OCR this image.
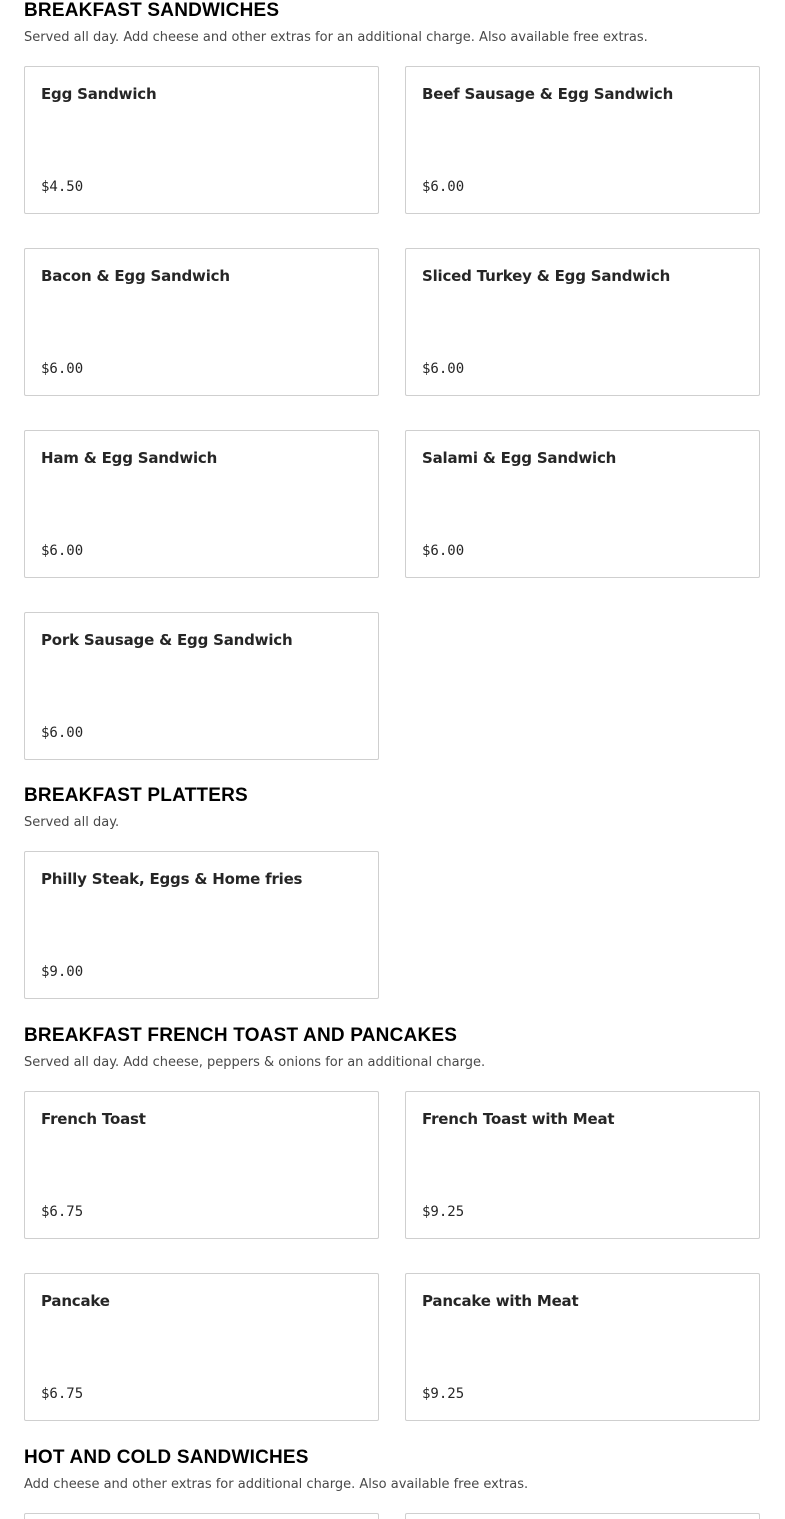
BREAKFAST SANDWICHES
Served all day. Add cheese and other extras for an additional charge. Also available free extras.
Egg Sandwich
$4.50
Beef Sausage & Egg Sandwich
$6.00
Bacon & Egg Sandwich
$6.00
Sliced Turkey & Egg Sandwich
$6.00
Ham & Egg Sandwich
$6.00
Salami & Egg Sandwich
$6.00
Pork Sausage & Egg Sandwich
$6.00
BREAKFAST PLATTERS
Served all day.
Philly Steak, Eggs & Home fries
$9.00
BREAKFAST FRENCH TOAST AND PANCAKES
Served all day. Add cheese, peppers & onions for an additional charge.
French Toast
$6.75
French Toast with Meat
$9.25
Pancake
$6.75
Pancake with Meat
$9.25
HOT AND COLD SANDWICHES
Add cheese and other extras for additional charge. Also available free extras.
